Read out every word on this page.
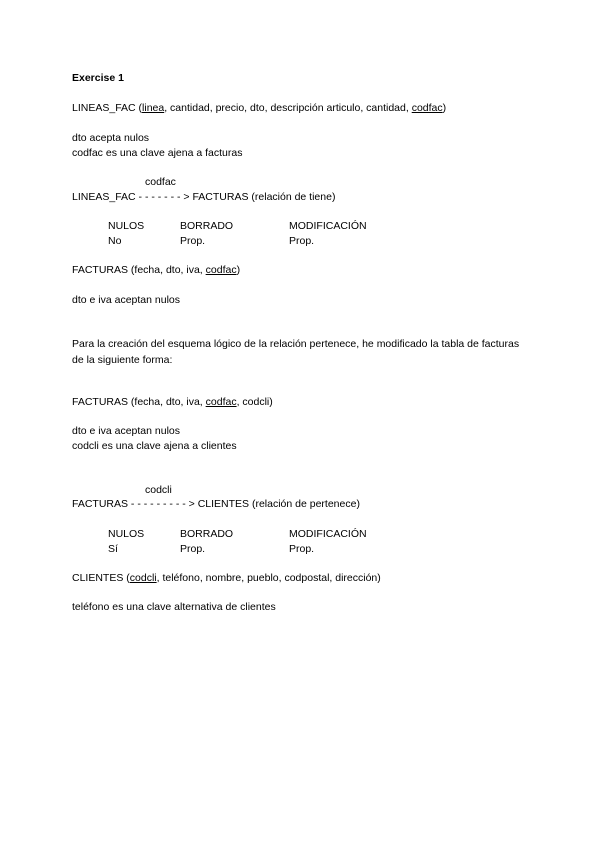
Exercise 1
LINEAS_FAC (linea, cantidad, precio, dto, descripción articulo, cantidad, codfac)
dto acepta nulos
codfac es una clave ajena a facturas
codfac
LINEAS_FAC - - - - - - - > FACTURAS (relación de tiene)
NULOS	BORRADO	MODIFICACIÓN
No	Prop.	Prop.
FACTURAS (fecha, dto, iva, codfac)
dto e iva aceptan nulos
Para la creación del esquema lógico de la relación pertenece, he modificado la tabla de facturas de la siguiente forma:
FACTURAS (fecha, dto, iva, codfac, codcli)
dto e iva aceptan nulos
codcli es una clave ajena a clientes
codcli
FACTURAS - - - - - - - - - > CLIENTES (relación de pertenece)
NULOS	BORRADO	MODIFICACIÓN
Sí	Prop.	Prop.
CLIENTES (codcli, teléfono, nombre, pueblo, codpostal, dirección)
teléfono es una clave alternativa de clientes
